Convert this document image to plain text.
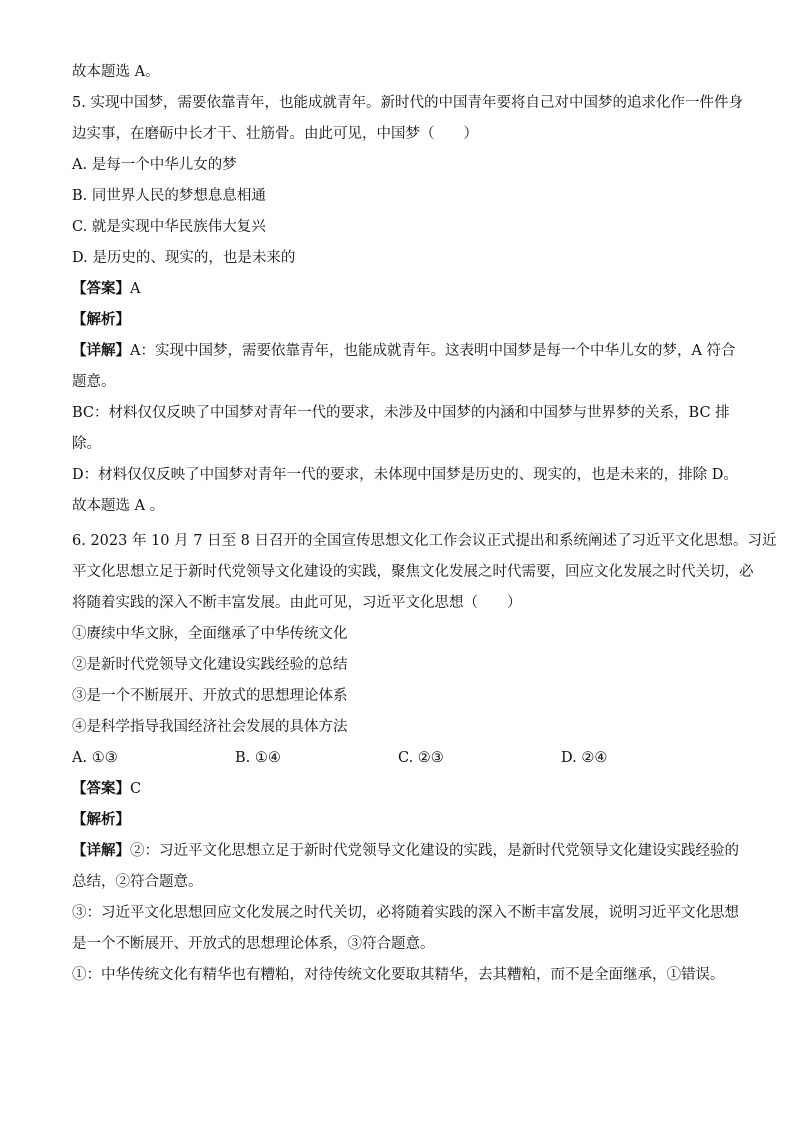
故本题选 A。

5. 实现中国梦，需要依靠青年，也能成就青年。新时代的中国青年要将自己对中国梦的追求化作一件件身

边实事，在磨砺中长才干、壮筋骨。由此可见，中国梦（　　）

A. 是每一个中华儿女的梦

B. 同世界人民的梦想息息相通

C. 就是实现中华民族伟大复兴

D. 是历史的、现实的，也是未来的

【答案】A

【解析】

【详解】A：实现中国梦，需要依靠青年，也能成就青年。这表明中国梦是每一个中华儿女的梦，A 符合

题意。

BC：材料仅仅反映了中国梦对青年一代的要求，未涉及中国梦的内涵和中国梦与世界梦的关系，BC 排

除。

D：材料仅仅反映了中国梦对青年一代的要求，未体现中国梦是历史的、现实的，也是未来的，排除 D。

故本题选 A 。

6. 2023 年 10 月 7 日至 8 日召开的全国宣传思想文化工作会议正式提出和系统阐述了习近平文化思想。习近

平文化思想立足于新时代党领导文化建设的实践，聚焦文化发展之时代需要，回应文化发展之时代关切，必

将随着实践的深入不断丰富发展。由此可见，习近平文化思想（　　）

①赓续中华文脉，全面继承了中华传统文化

②是新时代党领导文化建设实践经验的总结

③是一个不断展开、开放式的思想理论体系

④是科学指导我国经济社会发展的具体方法

A. ①③	B. ①④	C. ②③	D. ②④

【答案】C

【解析】

【详解】②：习近平文化思想立足于新时代党领导文化建设的实践，是新时代党领导文化建设实践经验的

总结，②符合题意。

③：习近平文化思想回应文化发展之时代关切，必将随着实践的深入不断丰富发展，说明习近平文化思想

是一个不断展开、开放式的思想理论体系，③符合题意。

①：中华传统文化有精华也有糟粕，对待传统文化要取其精华，去其糟粕，而不是全面继承，①错误。
